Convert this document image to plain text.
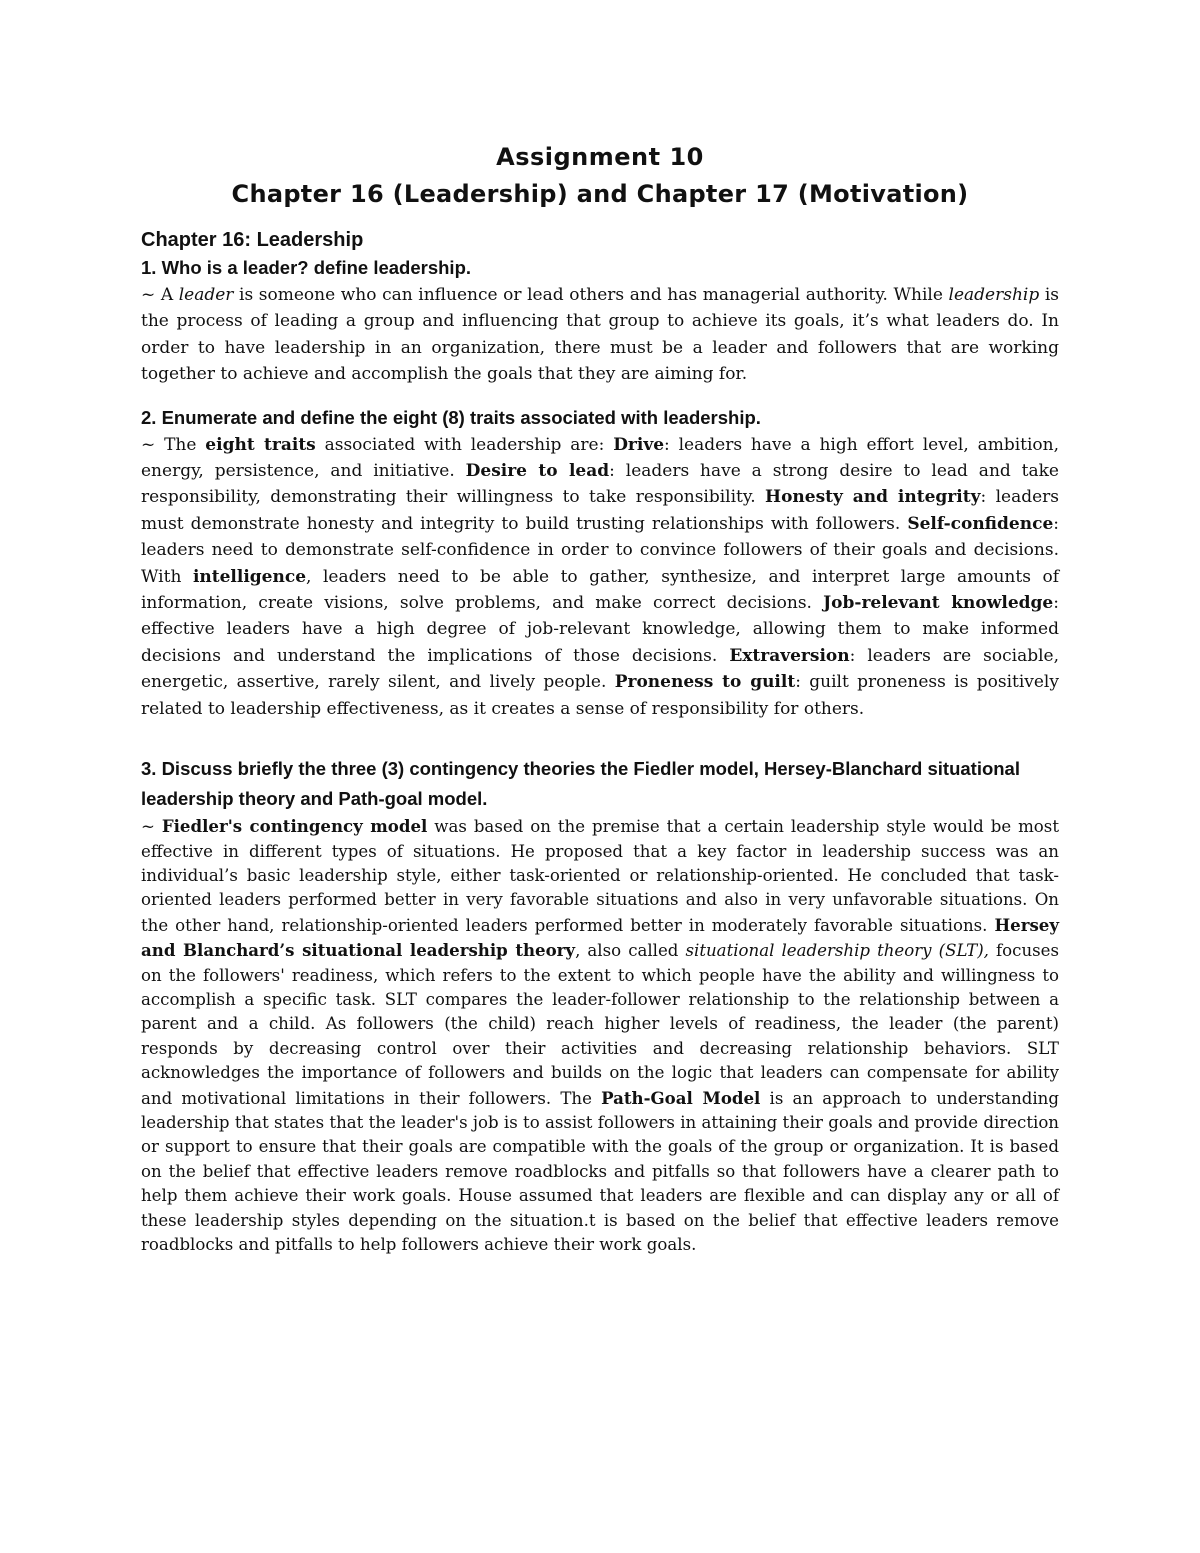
Assignment 10
Chapter 16 (Leadership) and Chapter 17 (Motivation)
Chapter 16: Leadership

1. Who is a leader? define leadership.

~ A leader is someone who can influence or lead others and has managerial authority. While leadership is the process of leading a group and influencing that group to achieve its goals, it’s what leaders do. In order to have leadership in an organization, there must be a leader and followers that are working together to achieve and accomplish the goals that they are aiming for.

2. Enumerate and define the eight (8) traits associated with leadership.

~ The eight traits associated with leadership are: Drive: leaders have a high effort level, ambition, energy, persistence, and initiative. Desire to lead: leaders have a strong desire to lead and take responsibility, demonstrating their willingness to take responsibility. Honesty and integrity: leaders must demonstrate honesty and integrity to build trusting relationships with followers. Self-confidence: leaders need to demonstrate self-confidence in order to convince followers of their goals and decisions. With intelligence, leaders need to be able to gather, synthesize, and interpret large amounts of information, create visions, solve problems, and make correct decisions. Job-relevant knowledge: effective leaders have a high degree of job-relevant knowledge, allowing them to make informed decisions and understand the implications of those decisions. Extraversion: leaders are sociable, energetic, assertive, rarely silent, and lively people. Proneness to guilt: guilt proneness is positively related to leadership effectiveness, as it creates a sense of responsibility for others.

3. Discuss briefly the three (3) contingency theories the Fiedler model, Hersey-Blanchard situational leadership theory and Path-goal model.

~ Fiedler's contingency model was based on the premise that a certain leadership style would be most effective in different types of situations. He proposed that a key factor in leadership success was an individual’s basic leadership style, either task-oriented or relationship-oriented. He concluded that task-oriented leaders performed better in very favorable situations and also in very unfavorable situations. On the other hand, relationship-oriented leaders performed better in moderately favorable situations. Hersey and Blanchard’s situational leadership theory, also called situational leadership theory (SLT), focuses on the followers' readiness, which refers to the extent to which people have the ability and willingness to accomplish a specific task. SLT compares the leader-follower relationship to the relationship between a parent and a child. As followers (the child) reach higher levels of readiness, the leader (the parent) responds by decreasing control over their activities and decreasing relationship behaviors. SLT acknowledges the importance of followers and builds on the logic that leaders can compensate for ability and motivational limitations in their followers. The Path-Goal Model is an approach to understanding leadership that states that the leader's job is to assist followers in attaining their goals and provide direction or support to ensure that their goals are compatible with the goals of the group or organization. It is based on the belief that effective leaders remove roadblocks and pitfalls so that followers have a clearer path to help them achieve their work goals. House assumed that leaders are flexible and can display any or all of these leadership styles depending on the situation.t is based on the belief that effective leaders remove roadblocks and pitfalls to help followers achieve their work goals.
